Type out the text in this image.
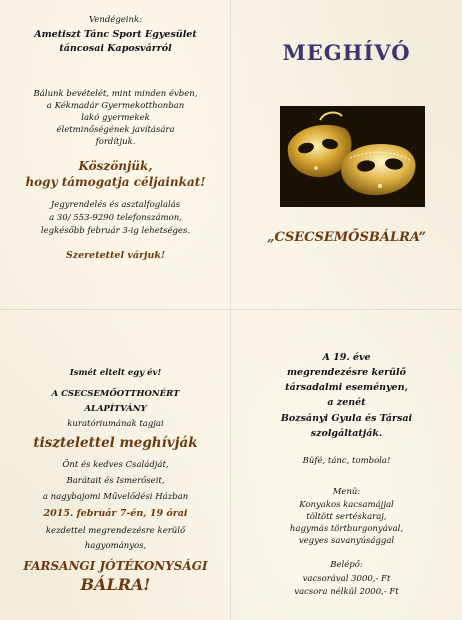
Vendégeink:
Ametiszt Tánc Sport Egyesület
táncosai Kaposvárról
Bálunk bevételét, mint minden évben,
a Kékmadár Gyermekotthonban
lakó gyermekek
életminőségének javítására
fordítjuk.
Köszönjük,
hogy támogatja céljainkat!
Jegyrendelés és asztalfoglalás
a 30/ 553-9290 telefonszámon,
legkésőbb február 3-ig lehetséges.
Szeretettel várjuk!
MEGHÍVÓ
„CSECSEMŐSBÁLRA”
Ismét eltelt egy év!
A CSECSEMŐOTTHONÉRT
ALAPÍTVÁNY
kuratóriumának tagjai
tisztelettel meghívják
Önt és kedves Családját,
Barátait és Ismerőseit,
a nagybajomi Művelődési Házban
2015. február 7-én, 19 órai
kezdettel megrendezésre kerülő
hagyományos,
FARSANGI JÓTÉKONYSÁGI
BÁLRA!
A 19. éve
megrendezésre kerülő
társadalmi eseményen,
a zenét
Bozsányi Gyula és Társai
szolgáltatják.
Büfé, tánc, tombola!
Menü:
Konyakos kacsamájjal
töltött sertéskaraj,
hagymás törtburgonyával,
vegyes savanyúsággal
Belépő:
vacsorával 3000,- Ft
vacsora nélkül 2000,- Ft
